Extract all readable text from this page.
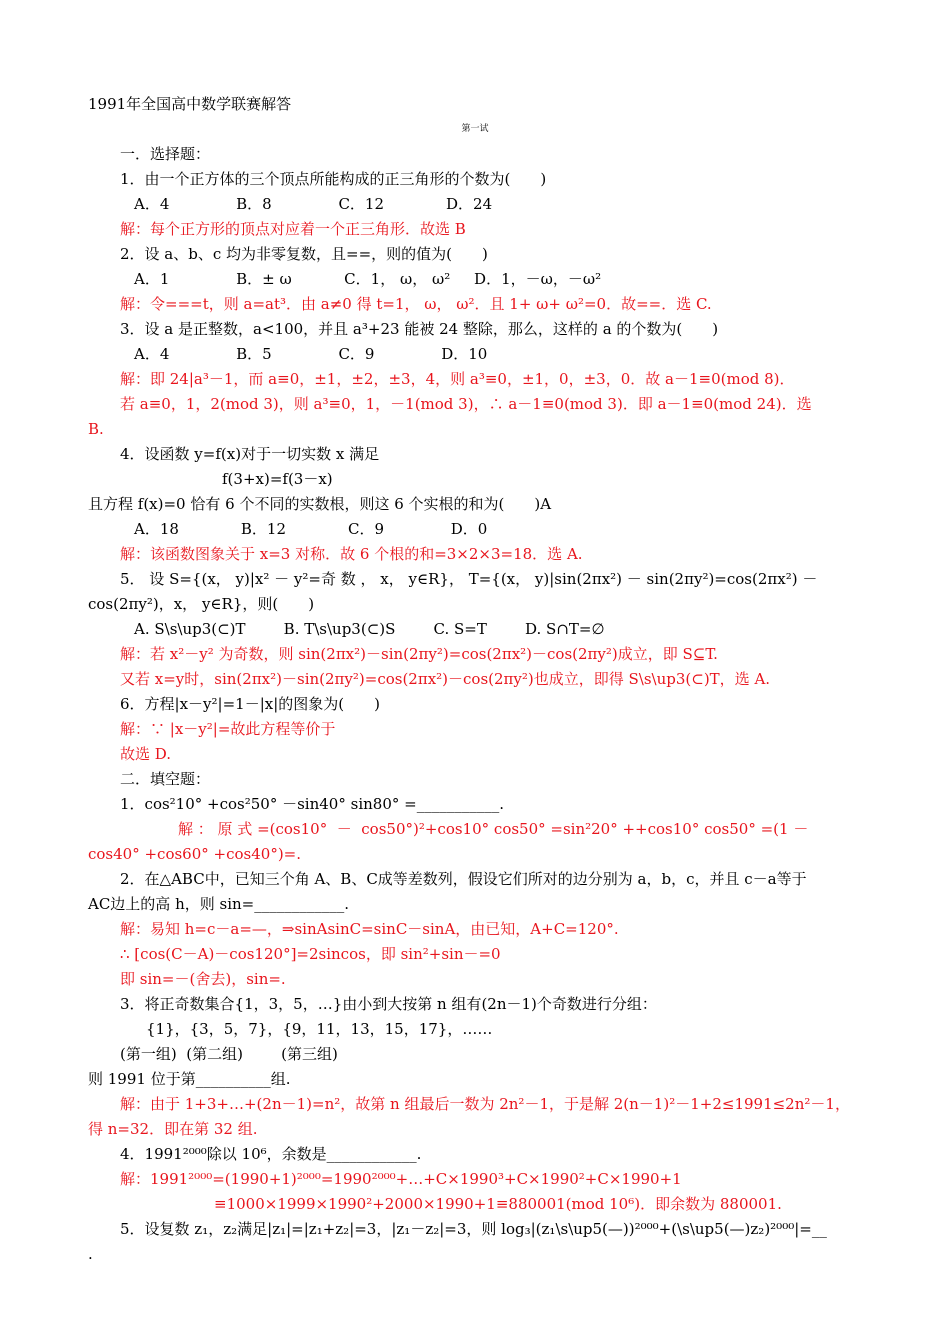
1991年全国高中数学联赛解答
第一试
一．选择题：
1．由一个正方体的三个顶点所能构成的正三角形的个数为(　　)
A．4              B．8              C．12             D．24
解：每个正方形的顶点对应着一个正三角形．故选 B
2．设 a、b、c 均为非零复数，且==，则的值为(　　)
A．1              B．± ω           C．1， ω， ω²     D．1，－ω，－ω²
解：令===t，则 a=at³．由 a≠0 得 t=1， ω， ω²．且 1+ ω+ ω²=0．故==．选 C.
3．设 a 是正整数，a<100，并且 a³+23 能被 24 整除，那么，这样的 a 的个数为(　　)
A．4              B．5              C．9              D．10
解：即 24|a³－1，而 a≡0，±1，±2，±3，4，则 a³≡0，±1，0，±3，0．故 a－1≡0(mod 8)．
若 a≡0，1，2(mod 3)，则 a³≡0，1，－1(mod 3)，∴ a－1≡0(mod 3)．即 a－1≡0(mod 24)．选
B.
4．设函数 y=f(x)对于一切实数 x 满足
f(3+x)=f(3－x)
且方程 f(x)=0 恰有 6 个不同的实数根，则这 6 个实根的和为(　　)A
A．18             B．12             C．9              D．0
解：该函数图象关于 x=3 对称．故 6 个根的和=3×2×3=18．选 A.
5． 设 S={(x， y)|x² － y²=奇 数 ， x， y∈R}， T={(x， y)|sin(2πx²) － sin(2πy²)=cos(2πx²) －
cos(2πy²)，x， y∈R}，则(　　)
A. S\s\up3(⊂)T        B. T\s\up3(⊂)S        C. S=T        D. S∩T=∅
解：若 x²－y² 为奇数，则 sin(2πx²)－sin(2πy²)=cos(2πx²)－cos(2πy²)成立，即 S⊆T.
又若 x=y时，sin(2πx²)－sin(2πy²)=cos(2πx²)－cos(2πy²)也成立，即得 S\s\up3(⊂)T，选 A.
6．方程|x－y²|=1－|x|的图象为(　　)
解：∵ |x－y²|=故此方程等价于
故选 D.
二．填空题：
1．cos²10° +cos²50° －sin40° sin80° =___________.
解 ： 原 式 =(cos10°  －  cos50°)²+cos10° cos50° =sin²20° ++cos10° cos50° =(1 －
cos40° +cos60° +cos40°)=.
2．在△ABC中，已知三个角 A、B、C成等差数列，假设它们所对的边分别为 a，b，c，并且 c－a等于
AC边上的高 h，则 sin=____________.
解：易知 h=c－a=—，⇒sinAsinC=sinC－sinA，由已知，A+C=120°.
∴ [cos(C－A)－cos120°]=2sincos，即 sin²+sin－=0
即 sin=－(舍去)，sin=.
3．将正奇数集合{1，3，5，…}由小到大按第 n 组有(2n－1)个奇数进行分组：
{1}，{3，5，7}，{9，11，13，15，17}，……
(第一组)  (第二组)        (第三组)
则 1991 位于第__________组.
解：由于 1+3+…+(2n－1)=n²，故第 n 组最后一数为 2n²－1，于是解 2(n－1)²－1+2≤1991≤2n²－1，
得 n=32．即在第 32 组.
4．1991²⁰⁰⁰除以 10⁶，余数是____________.
解：1991²⁰⁰⁰=(1990+1)²⁰⁰⁰=1990²⁰⁰⁰+…+C×1990³+C×1990²+C×1990+1
≡1000×1999×1990²+2000×1990+1≡880001(mod 10⁶)．即余数为 880001.
5．设复数 z₁，z₂满足|z₁|=|z₁+z₂|=3，|z₁－z₂|=3，则 log₃|(z₁\s\up5(—))²⁰⁰⁰+(\s\up5(—)z₂)²⁰⁰⁰|=__
.
